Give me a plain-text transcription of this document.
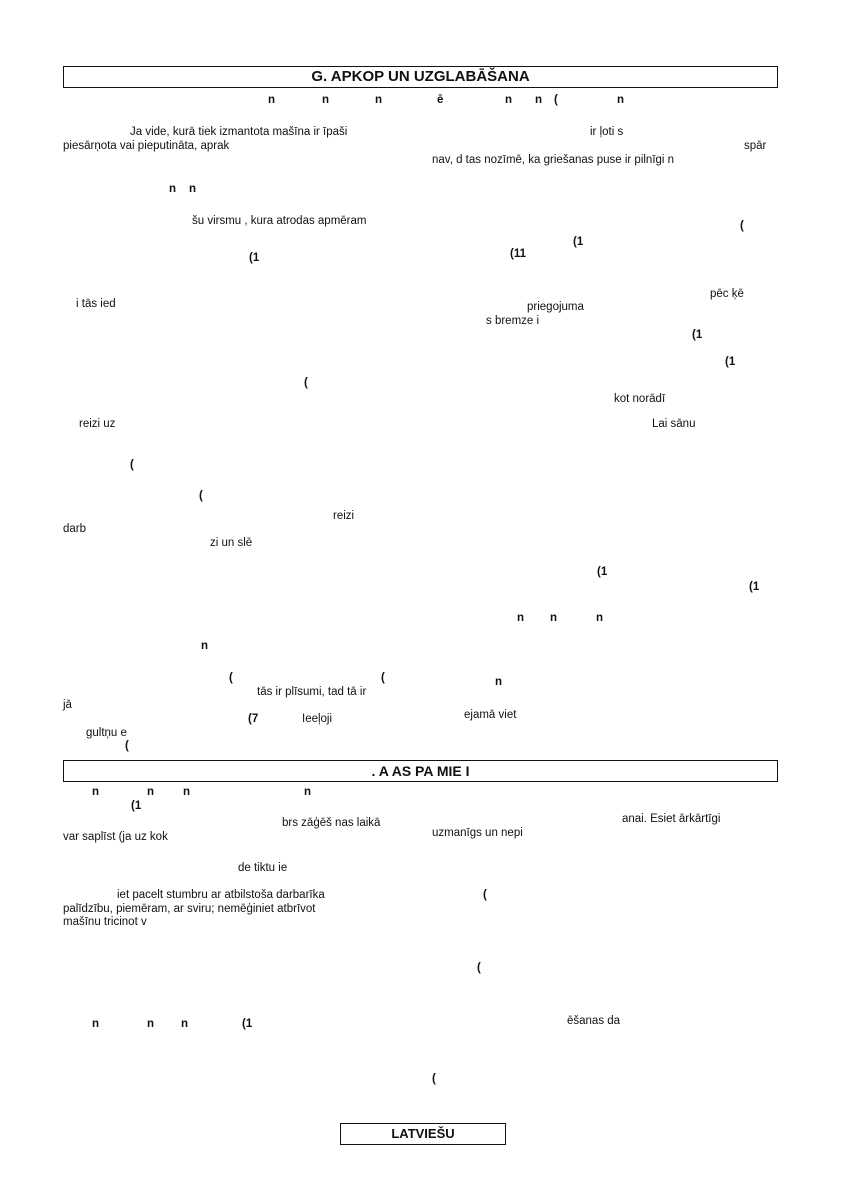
G. APKOP UN UZGLABĀŠANA
n	n	n	ē	n n (	n
Ja vide, kurā tiek izmantota mašīna ir īpaši
piesārņota vai pieputināta, aprak
ir ļoti s
spār
nav, d tas nozīmē, ka griešanas puse ir pilnīgi n
n n
šu virsmu , kura atrodas apmēram	(
(1
(1	(11
pēc ķē
i tās ied	priegojuma
s bremze i
(1
(1
(
kot norādī
reizi uz	Lai sānu
(
(
reizi
darb
zi un slē
(1
(1
n n	n
n
(	(
tās ir plīsumi, tad tā ir
n
jā
(7	Ieeļoji	ejamā viet
gultņu e
(
. A AS PA MIE I
n	n	n	n
(1
brs zāģēš nas laikā	anai. Esiet ārkārtīgi
var saplīst (ja uz kok	uzmanīgs un nepi
de tiktu ie
iet pacelt stumbru ar atbilstoša darbarīka	(
palīdzību, piemēram, ar sviru; nemēģiniet atbrīvot
mašīnu tricinot v
(
n	n n	(1	ēšanas da
(
LATVIEŠU
